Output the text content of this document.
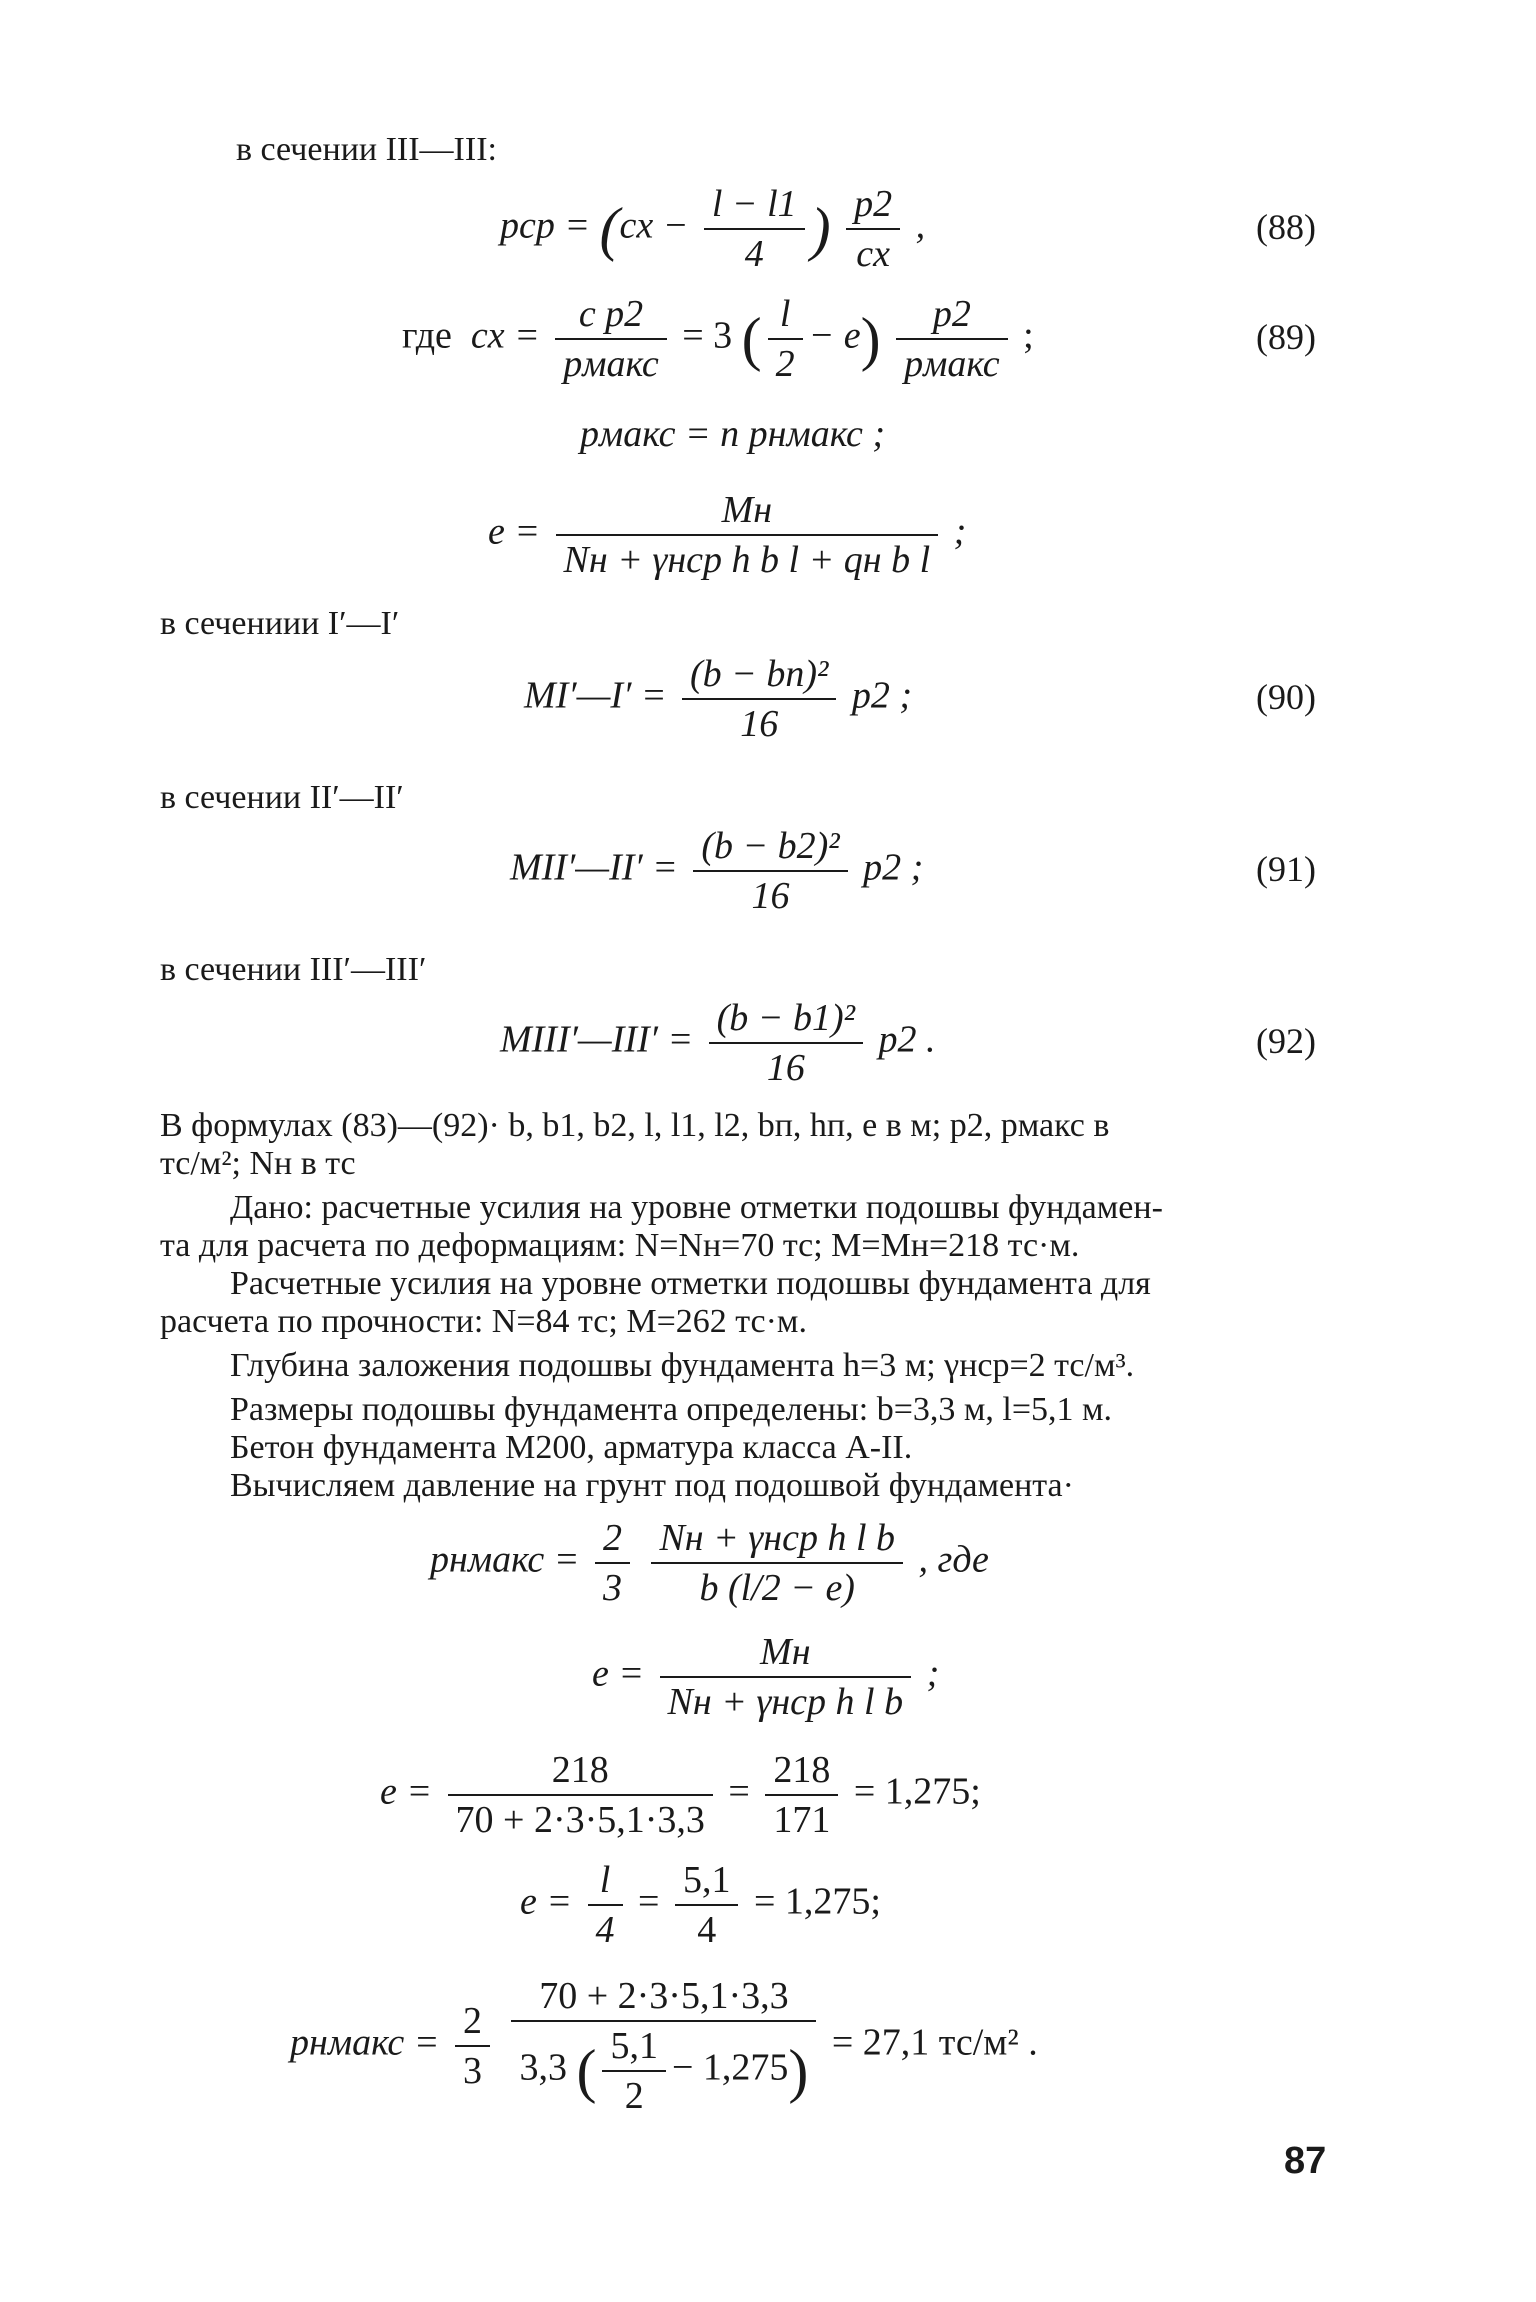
в сечении III—III:
pср = ($cx - \frac{l - l1}{4}$ ) $\frac{p2}{cx}$ ,	(88)
где cx = $\frac{\text{c p2}}{\text{pмакс}} = 3$ ( $\frac{l}{2} - e) \frac{p2}{\text{pмакс}}$ ;	(89)
pмакс = n pнмакс ;
$e = \frac{Mн}{\text{Nн + γнср h b l + qн b l}}$ ;
в сечениии I′—I′
MI′—I′ = $\frac{\text{(b − bп)²}}{16} p2$ ;	(90)
в сечении II′—II′
MII′—II′ = $\frac{\text{(b − b2)²}}{16} p2$ ;	(91)
в сечении III′—III′
MIII′—III′ = $\frac{\text{(b − b1)²}}{16} p2$ .	(92)
В формулах (83)—(92)· b, b1, b2, l, l1, l2, bп, hп, e в м; p2, pмакс в
тс/м²; Nн в тс
Дано: расчетные усилия на уровне отметки подошвы фундамен-
та для расчета по деформациям: N=Nн=70 тс; M=Mн=218 тс·м.
Расчетные усилия на уровне отметки подошвы фундамента для
расчета по прочности: N=84 тс; M=262 тс·м.
Глубина заложения подошвы фундамента h=3 м; γнср=2 тс/м³.
Размеры подошвы фундамента определены: b=3,3 м, l=5,1 м.
Бетон фундамента М200, арматура класса А-II.
Вычисляем давление на грунт под подошвой фундамента·
pнмакс = $\frac{2}{3}$
$\frac{\text{Nн + γнср h l b}}{b (l/2 - e)}$ , где
$e = \frac{Mн}{\text{Nн + γнср h l b}}$ ;
$e = \frac{218}{70 + 2\cdot 3\cdot 5,1\cdot 3,3} = \frac{218}{171} = 1,275$;
$e = \frac{l}{4} = \frac{5,1}{4} = 1,275$;
pнмакс = $\frac{2}{3}$
$\frac{70 + 2\cdot 3\cdot 5,1\cdot 3,3}{3,3 ( \frac{5,1}{2} - 1,275)} = 27,1$ тс/м² .
87
